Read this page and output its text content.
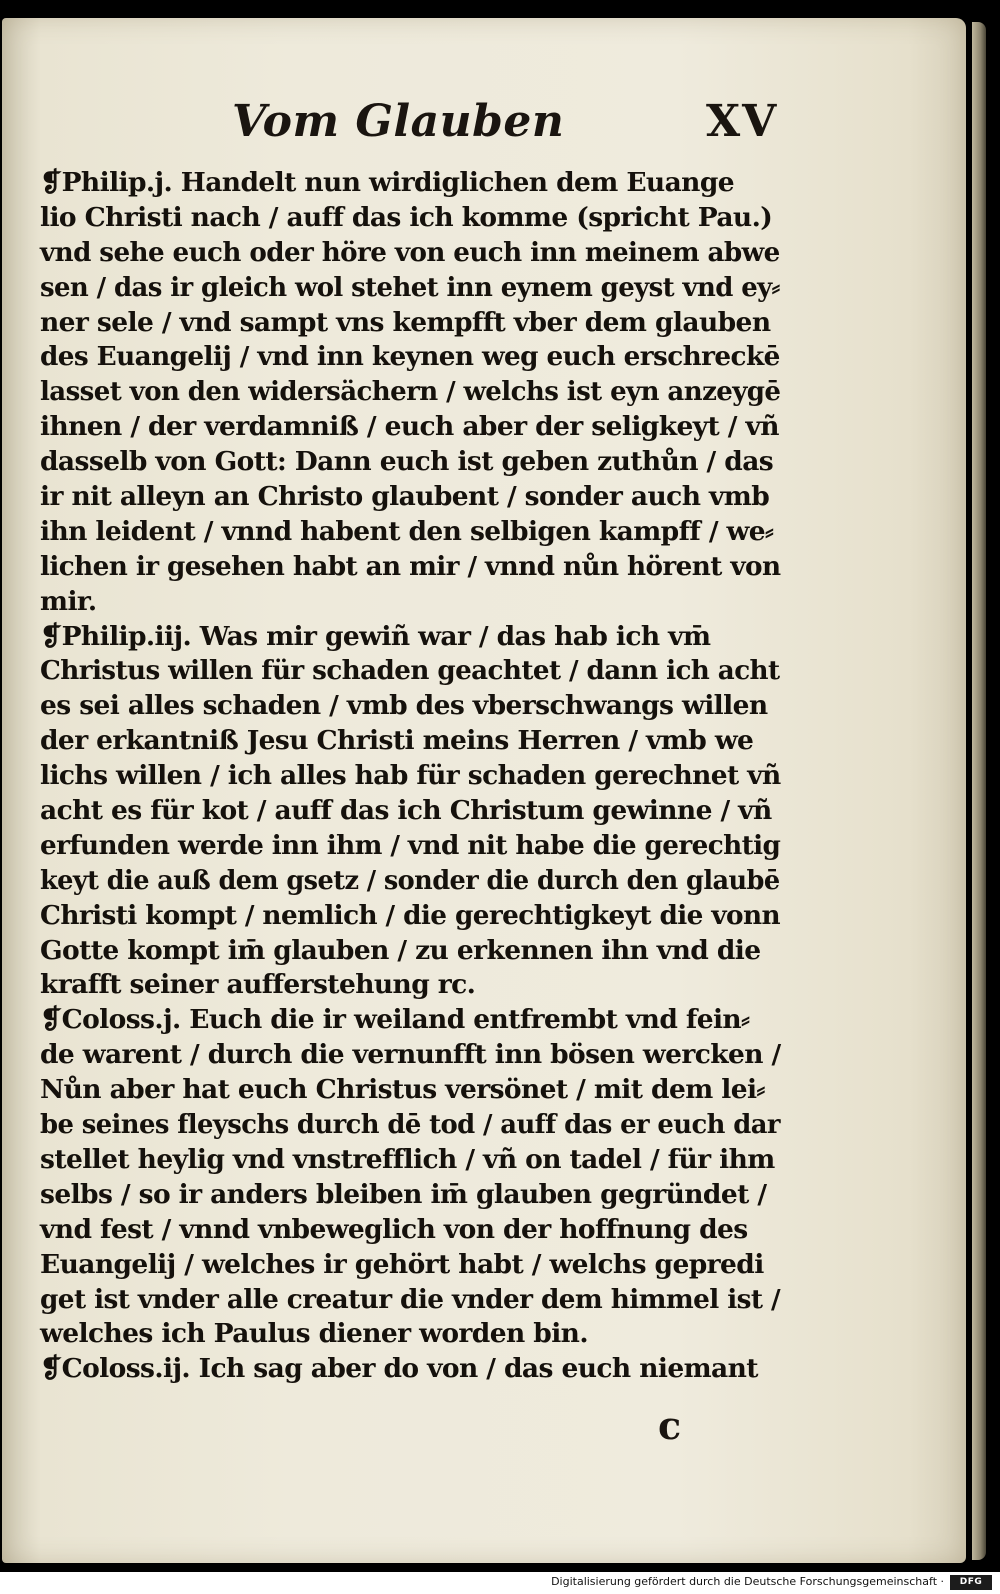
Vom Glauben	XV
❡Philip.j. Handelt nun wirdiglichen dem Euange
lio Christi nach / auff das ich komme (spricht Pau.)
vnd sehe euch oder höre von euch inn meinem abwe
sen / das ir gleich wol stehet inn eynem geyst vnd ey⸗
ner sele / vnd sampt vns kempfft vber dem glauben
des Euangelij / vnd inn keynen weg euch erschreckē
lasset von den widersächern / welchs ist eyn anzeygē
ihnen / der verdamniß / euch aber der seligkeyt / vñ
dasselb von Gott: Dann euch ist geben zuthůn / das
ir nit alleyn an Christo glaubent / sonder auch vmb
ihn leident / vnnd habent den selbigen kampff / we⸗
lichen ir gesehen habt an mir / vnnd nůn hörent von
mir.
❡Philip.iij. Was mir gewiñ war / das hab ich vm̄
Christus willen für schaden geachtet / dann ich acht
es sei alles schaden / vmb des vberschwangs willen
der erkantniß Jesu Christi meins Herren / vmb we
lichs willen / ich alles hab für schaden gerechnet vñ
acht es für kot / auff das ich Christum gewinne / vñ
erfunden werde inn ihm / vnd nit habe die gerechtig
keyt die auß dem gsetz / sonder die durch den glaubē
Christi kompt / nemlich / die gerechtigkeyt die vonn
Gotte kompt im̄ glauben / zu erkennen ihn vnd die
krafft seiner aufferstehung rc.
❡Coloss.j. Euch die ir weiland entfrembt vnd fein⸗
de warent / durch die vernunfft inn bösen wercken /
Nůn aber hat euch Christus versönet / mit dem lei⸗
be seines fleyschs durch dē tod / auff das er euch dar
stellet heylig vnd vnstrefflich / vñ on tadel / für ihm
selbs / so ir anders bleiben im̄ glauben gegründet /
vnd fest / vnnd vnbeweglich von der hoffnung des
Euangelij / welches ir gehört habt / welchs gepredi
get ist vnder alle creatur die vnder dem himmel ist /
welches ich Paulus diener worden bin.
❡Coloss.ij. Ich sag aber do von / das euch niemant
c
Digitalisierung gefördert durch die Deutsche Forschungsgemeinschaft ·	DFG
